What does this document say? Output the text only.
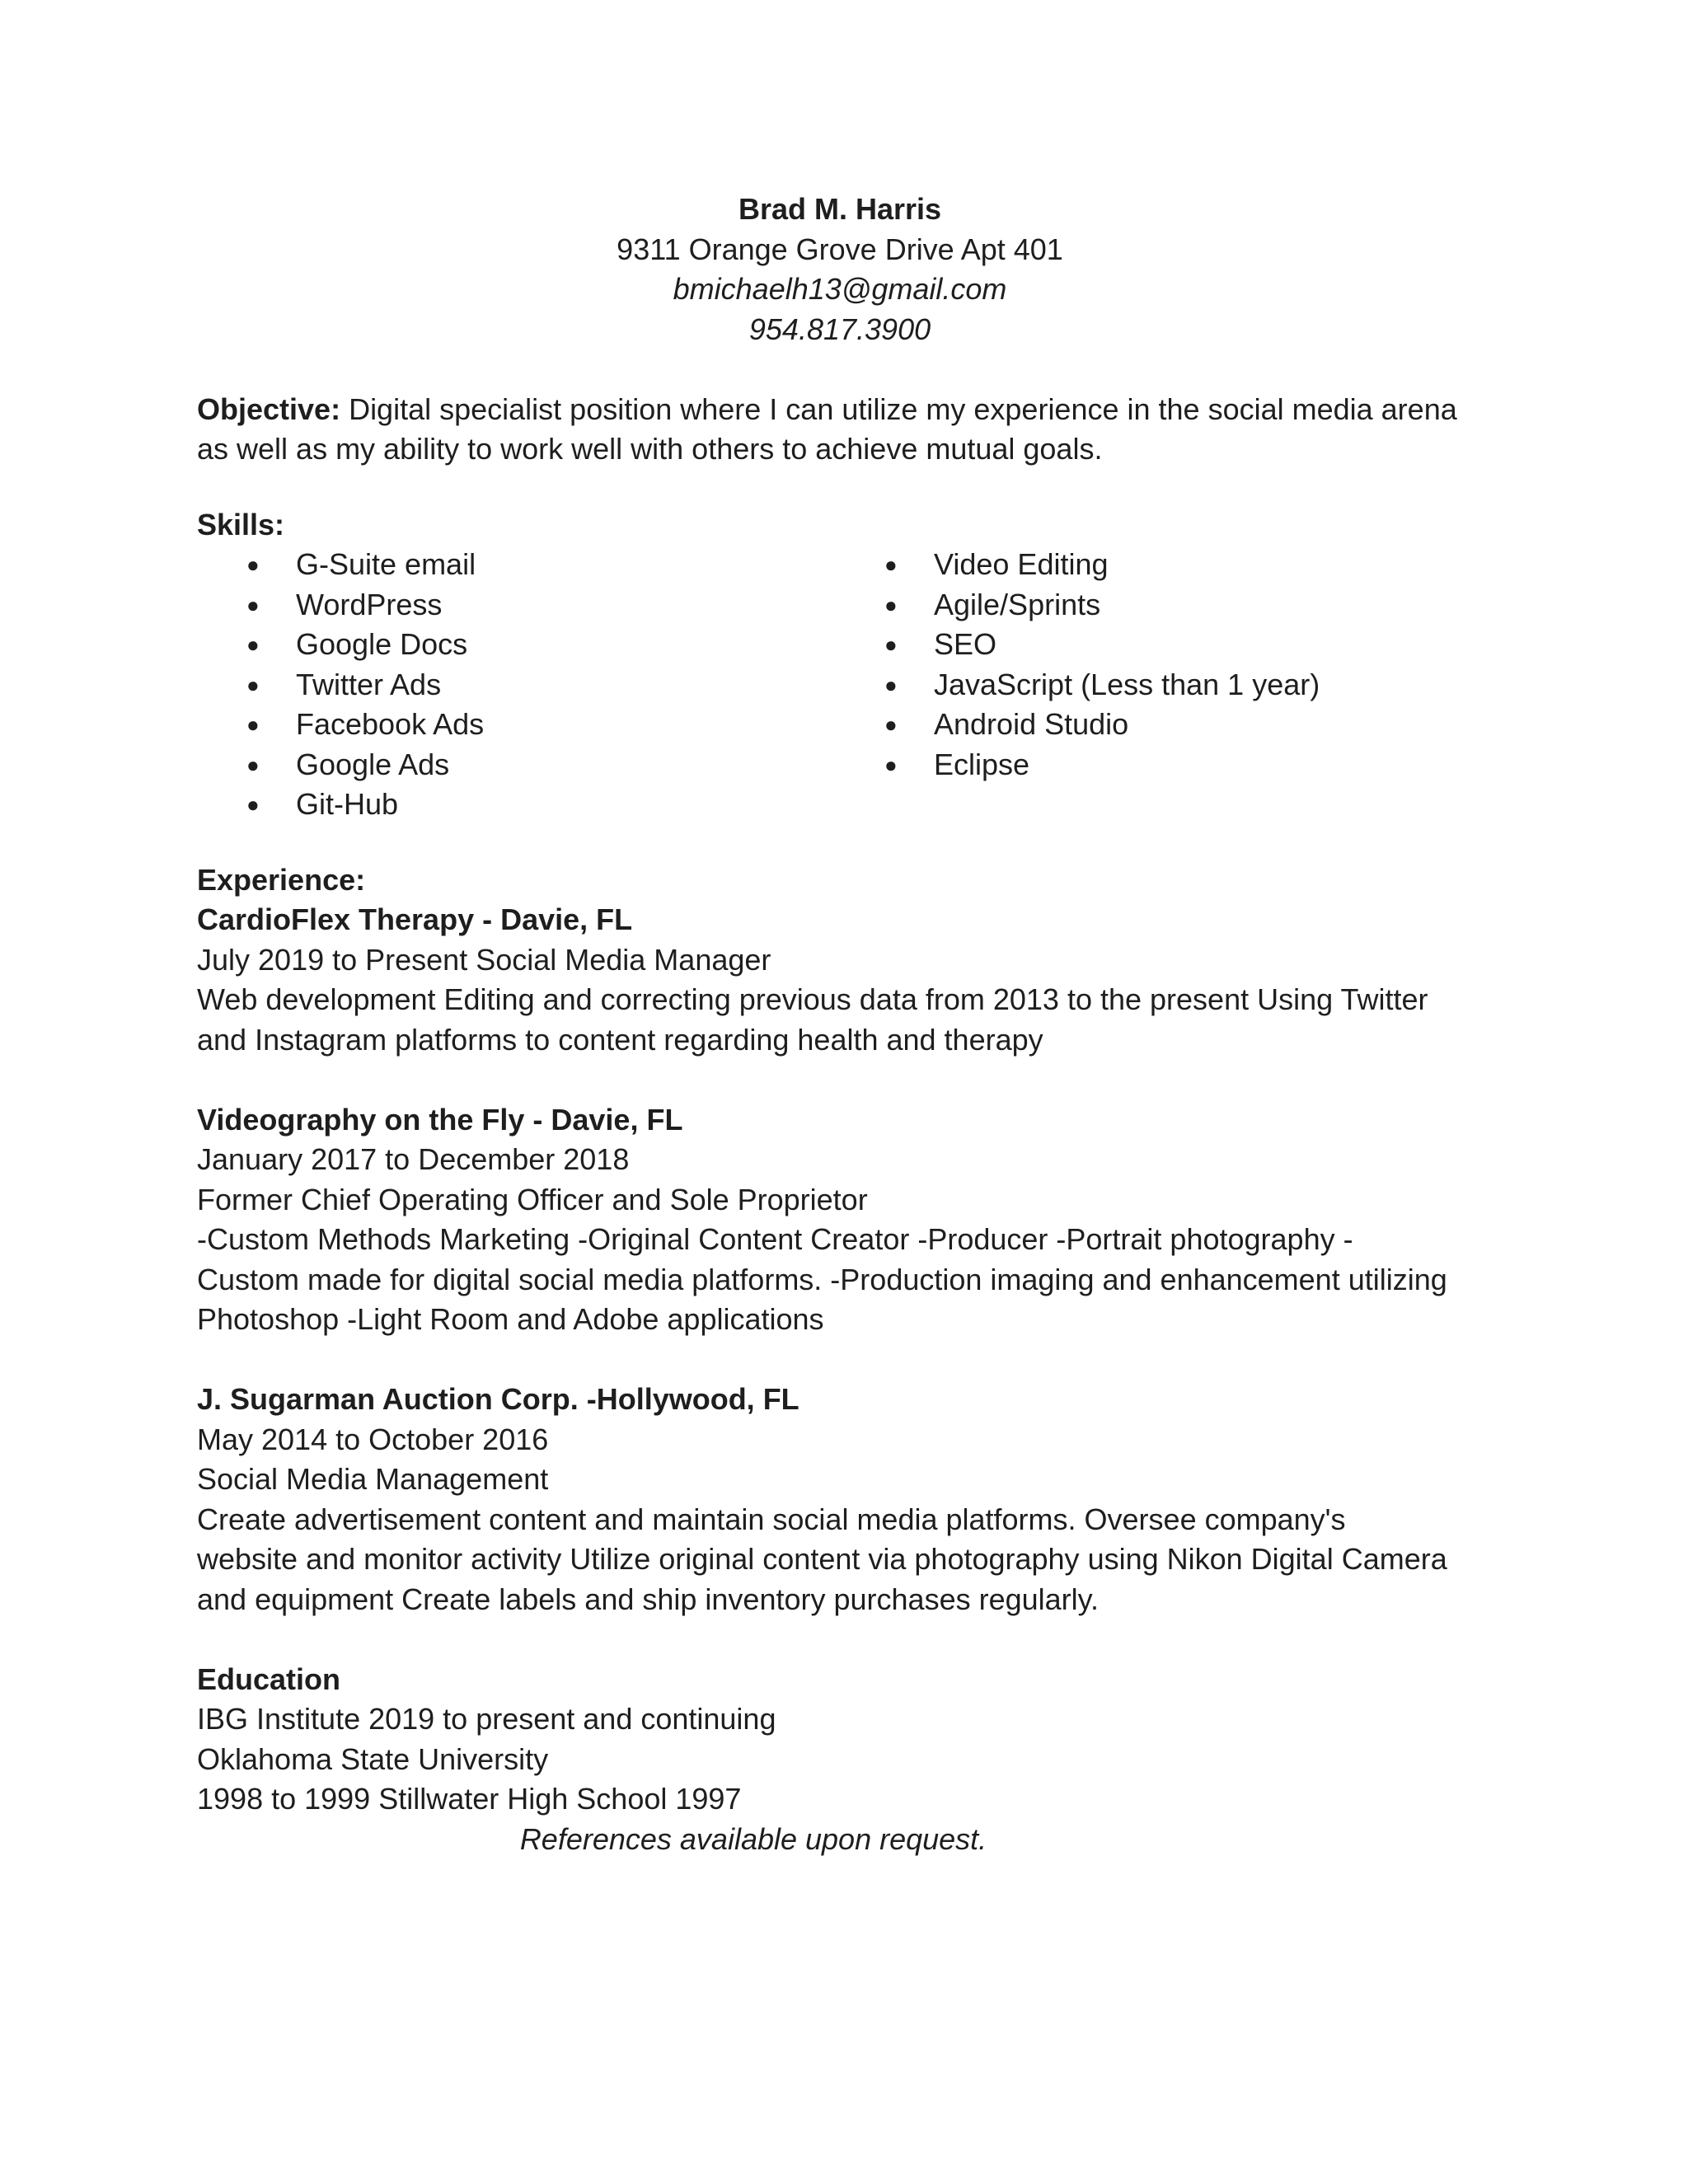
Brad M. Harris
9311 Orange Grove Drive Apt 401
bmichaelh13@gmail.com
954.817.3900
Objective: Digital specialist position where I can utilize my experience in the social media arena
as well as my ability to work well with others to achieve mutual goals.
Skills:
●	G-Suite email
●	WordPress
●	Google Docs
●	Twitter Ads
●	Facebook Ads
●	Google Ads
●	Git-Hub
●	Video Editing
●	Agile/Sprints
●	SEO
●	JavaScript (Less than 1 year)
●	Android Studio
●	Eclipse
Experience:
CardioFlex Therapy - Davie, FL
July 2019 to Present Social Media Manager
Web development Editing and correcting previous data from 2013 to the present Using Twitter
and Instagram platforms to content regarding health and therapy
Videography on the Fly - Davie, FL
January 2017 to December 2018
Former Chief Operating Officer and Sole Proprietor
-Custom Methods Marketing -Original Content Creator -Producer -Portrait photography -
Custom made for digital social media platforms. -Production imaging and enhancement utilizing
Photoshop -Light Room and Adobe applications
J. Sugarman Auction Corp. -Hollywood, FL
May 2014 to October 2016
Social Media Management
Create advertisement content and maintain social media platforms. Oversee company's
website and monitor activity Utilize original content via photography using Nikon Digital Camera
and equipment Create labels and ship inventory purchases regularly.
Education
IBG Institute 2019 to present and continuing
Oklahoma State University
1998 to 1999 Stillwater High School 1997
References available upon request.
